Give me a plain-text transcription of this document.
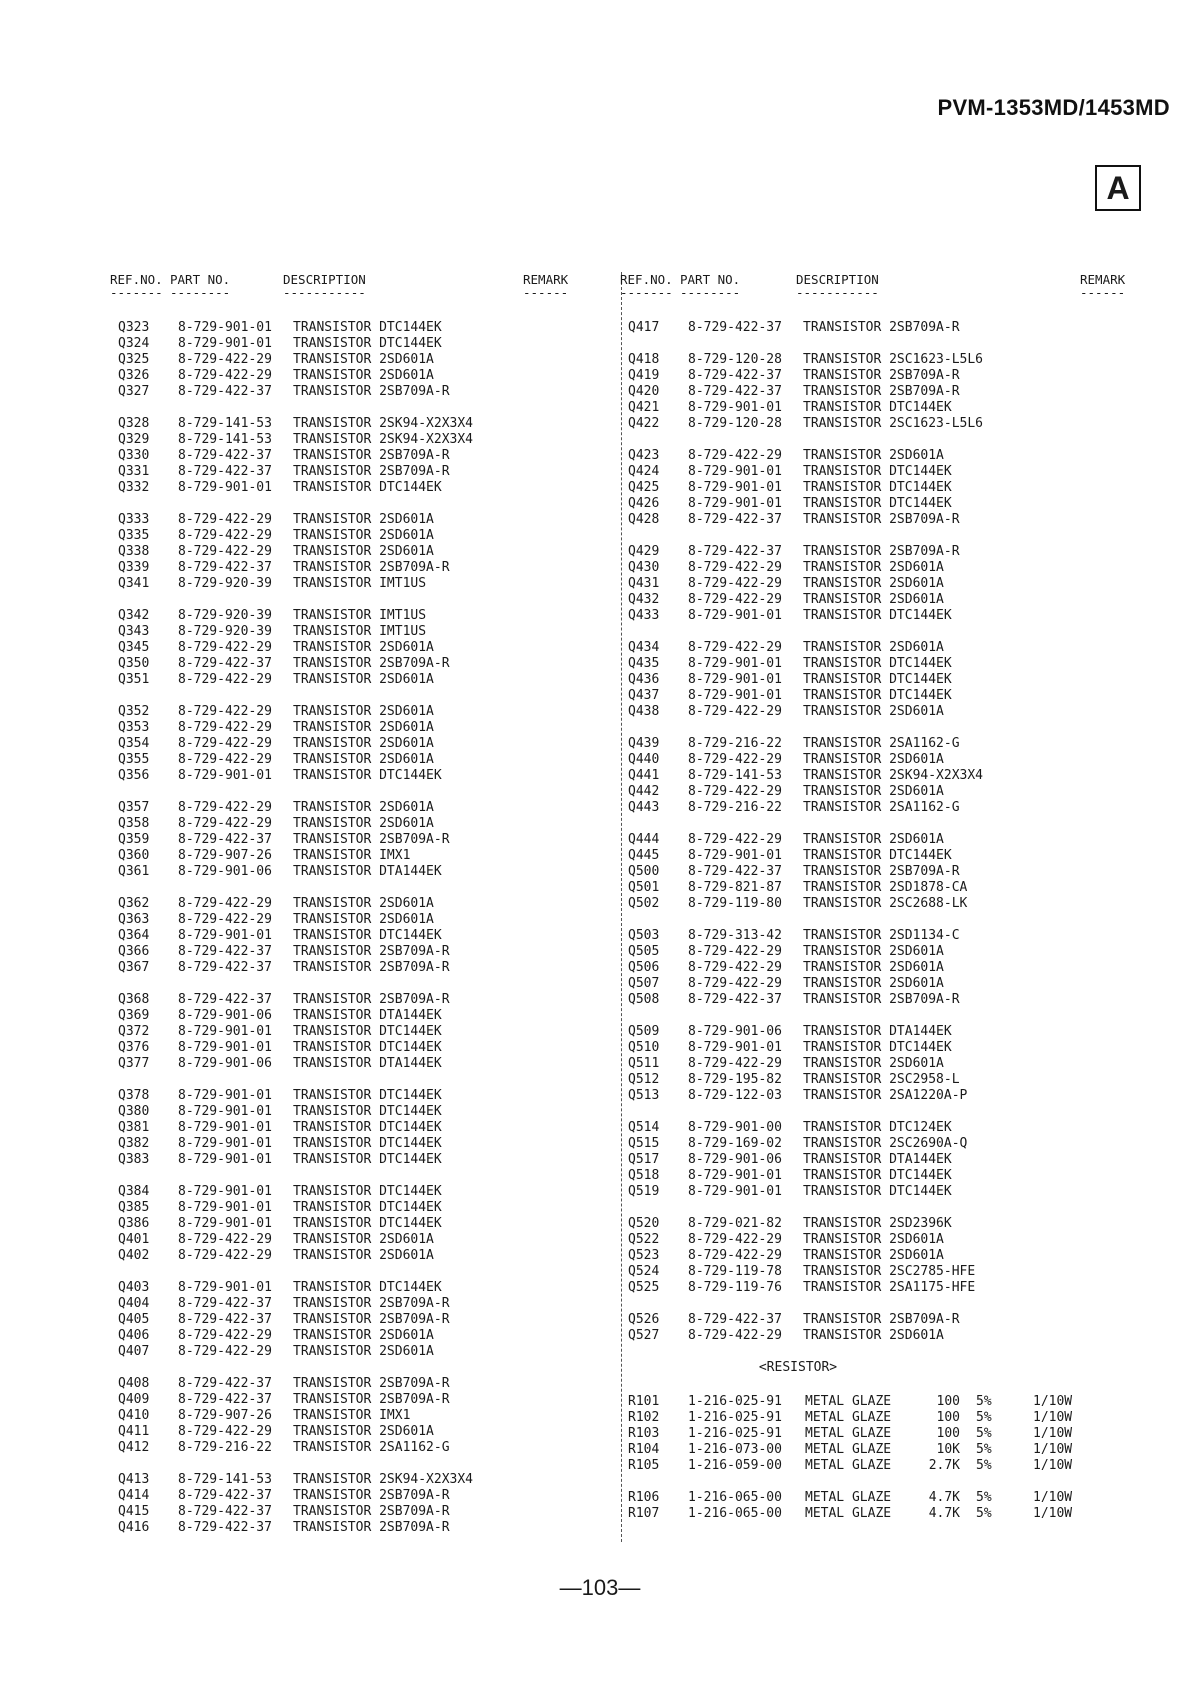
PVM-1353MD/1453MD
A
REF.NO. PART NO.	DESCRIPTION	REMARK
------- --------	-----------	------
Q323 8-729-901-01 TRANSISTOR DTC144EK
Q324 8-729-901-01 TRANSISTOR DTC144EK
Q325 8-729-422-29 TRANSISTOR 2SD601A
Q326 8-729-422-29 TRANSISTOR 2SD601A
Q327 8-729-422-37 TRANSISTOR 2SB709A-R
Q328 8-729-141-53 TRANSISTOR 2SK94-X2X3X4
Q329 8-729-141-53 TRANSISTOR 2SK94-X2X3X4
Q330 8-729-422-37 TRANSISTOR 2SB709A-R
Q331 8-729-422-37 TRANSISTOR 2SB709A-R
Q332 8-729-901-01 TRANSISTOR DTC144EK
Q333 8-729-422-29 TRANSISTOR 2SD601A
Q335 8-729-422-29 TRANSISTOR 2SD601A
Q338 8-729-422-29 TRANSISTOR 2SD601A
Q339 8-729-422-37 TRANSISTOR 2SB709A-R
Q341 8-729-920-39 TRANSISTOR IMT1US
Q342 8-729-920-39 TRANSISTOR IMT1US
Q343 8-729-920-39 TRANSISTOR IMT1US
Q345 8-729-422-29 TRANSISTOR 2SD601A
Q350 8-729-422-37 TRANSISTOR 2SB709A-R
Q351 8-729-422-29 TRANSISTOR 2SD601A
Q352 8-729-422-29 TRANSISTOR 2SD601A
Q353 8-729-422-29 TRANSISTOR 2SD601A
Q354 8-729-422-29 TRANSISTOR 2SD601A
Q355 8-729-422-29 TRANSISTOR 2SD601A
Q356 8-729-901-01 TRANSISTOR DTC144EK
Q357 8-729-422-29 TRANSISTOR 2SD601A
Q358 8-729-422-29 TRANSISTOR 2SD601A
Q359 8-729-422-37 TRANSISTOR 2SB709A-R
Q360 8-729-907-26 TRANSISTOR IMX1
Q361 8-729-901-06 TRANSISTOR DTA144EK
Q362 8-729-422-29 TRANSISTOR 2SD601A
Q363 8-729-422-29 TRANSISTOR 2SD601A
Q364 8-729-901-01 TRANSISTOR DTC144EK
Q366 8-729-422-37 TRANSISTOR 2SB709A-R
Q367 8-729-422-37 TRANSISTOR 2SB709A-R
Q368 8-729-422-37 TRANSISTOR 2SB709A-R
Q369 8-729-901-06 TRANSISTOR DTA144EK
Q372 8-729-901-01 TRANSISTOR DTC144EK
Q376 8-729-901-01 TRANSISTOR DTC144EK
Q377 8-729-901-06 TRANSISTOR DTA144EK
Q378 8-729-901-01 TRANSISTOR DTC144EK
Q380 8-729-901-01 TRANSISTOR DTC144EK
Q381 8-729-901-01 TRANSISTOR DTC144EK
Q382 8-729-901-01 TRANSISTOR DTC144EK
Q383 8-729-901-01 TRANSISTOR DTC144EK
Q384 8-729-901-01 TRANSISTOR DTC144EK
Q385 8-729-901-01 TRANSISTOR DTC144EK
Q386 8-729-901-01 TRANSISTOR DTC144EK
Q401 8-729-422-29 TRANSISTOR 2SD601A
Q402 8-729-422-29 TRANSISTOR 2SD601A
Q403 8-729-901-01 TRANSISTOR DTC144EK
Q404 8-729-422-37 TRANSISTOR 2SB709A-R
Q405 8-729-422-37 TRANSISTOR 2SB709A-R
Q406 8-729-422-29 TRANSISTOR 2SD601A
Q407 8-729-422-29 TRANSISTOR 2SD601A
Q408 8-729-422-37 TRANSISTOR 2SB709A-R
Q409 8-729-422-37 TRANSISTOR 2SB709A-R
Q410 8-729-907-26 TRANSISTOR IMX1
Q411 8-729-422-29 TRANSISTOR 2SD601A
Q412 8-729-216-22 TRANSISTOR 2SA1162-G
Q413 8-729-141-53 TRANSISTOR 2SK94-X2X3X4
Q414 8-729-422-37 TRANSISTOR 2SB709A-R
Q415 8-729-422-37 TRANSISTOR 2SB709A-R
Q416 8-729-422-37 TRANSISTOR 2SB709A-R
REF.NO. PART NO.	DESCRIPTION	REMARK
------- --------	-----------	------
Q417 8-729-422-37 TRANSISTOR 2SB709A-R
Q418 8-729-120-28 TRANSISTOR 2SC1623-L5L6
Q419 8-729-422-37 TRANSISTOR 2SB709A-R
Q420 8-729-422-37 TRANSISTOR 2SB709A-R
Q421 8-729-901-01 TRANSISTOR DTC144EK
Q422 8-729-120-28 TRANSISTOR 2SC1623-L5L6
Q423 8-729-422-29 TRANSISTOR 2SD601A
Q424 8-729-901-01 TRANSISTOR DTC144EK
Q425 8-729-901-01 TRANSISTOR DTC144EK
Q426 8-729-901-01 TRANSISTOR DTC144EK
Q428 8-729-422-37 TRANSISTOR 2SB709A-R
Q429 8-729-422-37 TRANSISTOR 2SB709A-R
Q430 8-729-422-29 TRANSISTOR 2SD601A
Q431 8-729-422-29 TRANSISTOR 2SD601A
Q432 8-729-422-29 TRANSISTOR 2SD601A
Q433 8-729-901-01 TRANSISTOR DTC144EK
Q434 8-729-422-29 TRANSISTOR 2SD601A
Q435 8-729-901-01 TRANSISTOR DTC144EK
Q436 8-729-901-01 TRANSISTOR DTC144EK
Q437 8-729-901-01 TRANSISTOR DTC144EK
Q438 8-729-422-29 TRANSISTOR 2SD601A
Q439 8-729-216-22 TRANSISTOR 2SA1162-G
Q440 8-729-422-29 TRANSISTOR 2SD601A
Q441 8-729-141-53 TRANSISTOR 2SK94-X2X3X4
Q442 8-729-422-29 TRANSISTOR 2SD601A
Q443 8-729-216-22 TRANSISTOR 2SA1162-G
Q444 8-729-422-29 TRANSISTOR 2SD601A
Q445 8-729-901-01 TRANSISTOR DTC144EK
Q500 8-729-422-37 TRANSISTOR 2SB709A-R
Q501 8-729-821-87 TRANSISTOR 2SD1878-CA
Q502 8-729-119-80 TRANSISTOR 2SC2688-LK
Q503 8-729-313-42 TRANSISTOR 2SD1134-C
Q505 8-729-422-29 TRANSISTOR 2SD601A
Q506 8-729-422-29 TRANSISTOR 2SD601A
Q507 8-729-422-29 TRANSISTOR 2SD601A
Q508 8-729-422-37 TRANSISTOR 2SB709A-R
Q509 8-729-901-06 TRANSISTOR DTA144EK
Q510 8-729-901-01 TRANSISTOR DTC144EK
Q511 8-729-422-29 TRANSISTOR 2SD601A
Q512 8-729-195-82 TRANSISTOR 2SC2958-L
Q513 8-729-122-03 TRANSISTOR 2SA1220A-P
Q514 8-729-901-00 TRANSISTOR DTC124EK
Q515 8-729-169-02 TRANSISTOR 2SC2690A-Q
Q517 8-729-901-06 TRANSISTOR DTA144EK
Q518 8-729-901-01 TRANSISTOR DTC144EK
Q519 8-729-901-01 TRANSISTOR DTC144EK
Q520 8-729-021-82 TRANSISTOR 2SD2396K
Q522 8-729-422-29 TRANSISTOR 2SD601A
Q523 8-729-422-29 TRANSISTOR 2SD601A
Q524 8-729-119-78 TRANSISTOR 2SC2785-HFE
Q525 8-729-119-76 TRANSISTOR 2SA1175-HFE
Q526 8-729-422-37 TRANSISTOR 2SB709A-R
Q527 8-729-422-29 TRANSISTOR 2SD601A
<RESISTOR>
R101 1-216-025-91 METAL GLAZE	100 5%	1/10W
R102 1-216-025-91 METAL GLAZE	100 5%	1/10W
R103 1-216-025-91 METAL GLAZE	100 5%	1/10W
R104 1-216-073-00 METAL GLAZE	10K 5%	1/10W
R105 1-216-059-00 METAL GLAZE	2.7K 5%	1/10W
R106 1-216-065-00 METAL GLAZE	4.7K 5%	1/10W
R107 1-216-065-00 METAL GLAZE	4.7K 5%	1/10W
—103—
